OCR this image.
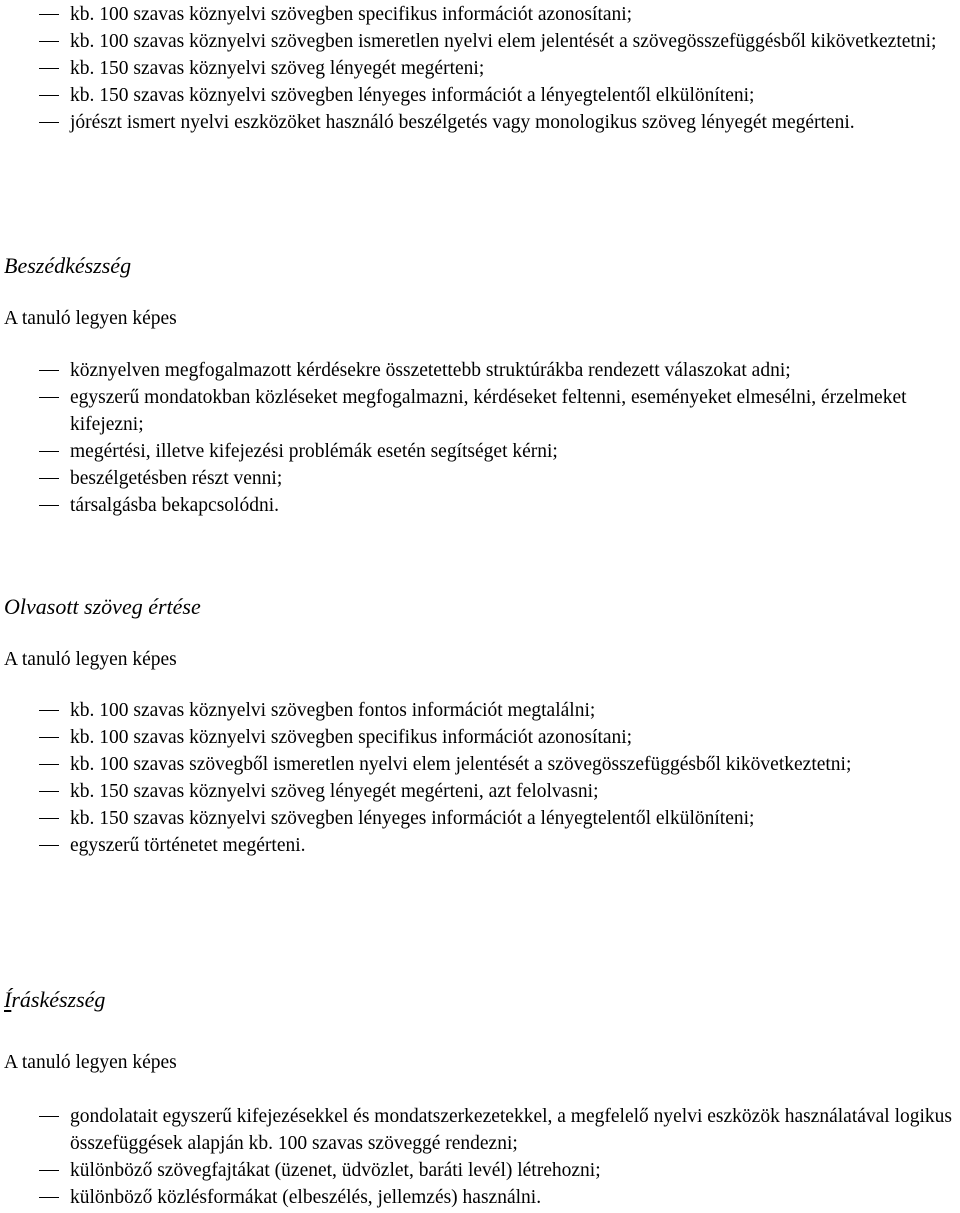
kb. 100 szavas köznyelvi szövegben specifikus információt azonosítani;
kb. 100 szavas köznyelvi szövegben ismeretlen nyelvi elem jelentését a szövegösszefüggésből kikövetkeztetni;
kb. 150 szavas köznyelvi szöveg lényegét megérteni;
kb. 150 szavas köznyelvi szövegben lényeges információt a lényegtelentől elkülöníteni;
jórészt ismert nyelvi eszközöket használó beszélgetés vagy monologikus szöveg lényegét megérteni.
Beszédkészség
A tanuló legyen képes
köznyelven megfogalmazott kérdésekre összetettebb struktúrákba rendezett válaszokat adni;
egyszerű mondatokban közléseket megfogalmazni, kérdéseket feltenni, eseményeket elmesélni, érzelmeket kifejezni;
megértési, illetve kifejezési problémák esetén segítséget kérni;
beszélgetésben részt venni;
társalgásba bekapcsolódni.
Olvasott szöveg értése
A tanuló legyen képes
kb. 100 szavas köznyelvi szövegben fontos információt megtalálni;
kb. 100 szavas köznyelvi szövegben specifikus információt azonosítani;
kb. 100 szavas szövegből ismeretlen nyelvi elem jelentését a szövegösszefüggésből kikövetkeztetni;
kb. 150 szavas köznyelvi szöveg lényegét megérteni, azt felolvasni;
kb. 150 szavas köznyelvi szövegben lényeges információt a lényegtelentől elkülöníteni;
egyszerű történetet megérteni.
Íráskészség
A tanuló legyen képes
gondolatait egyszerű kifejezésekkel és mondatszerkezetekkel, a megfelelő nyelvi eszközök használatával logikus összefüggések alapján kb. 100 szavas szöveggé rendezni;
különböző szövegfajtákat (üzenet, üdvözlet, baráti levél) létrehozni;
különböző közlésformákat (elbeszélés, jellemzés) használni.
